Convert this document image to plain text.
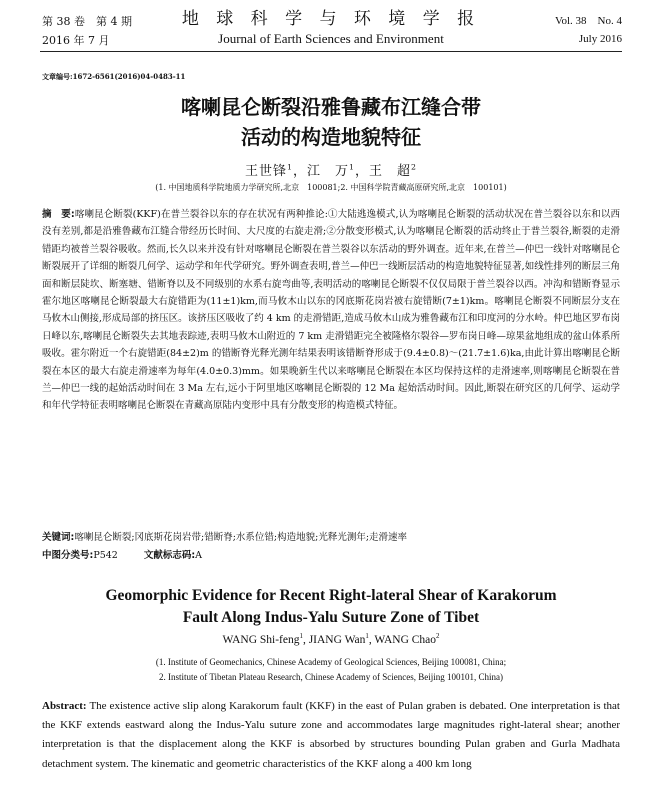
第 38 卷　第 4 期
2016 年 7 月
地 球 科 学 与 环 境 学 报
Journal of Earth Sciences and Environment
Vol. 38　No. 4
July 2016
文章编号:1672-6561(2016)04-0483-11
喀喇昆仑断裂沿雅鲁藏布江缝合带
活动的构造地貌特征
王世锋$^1$，江　万$^1$，王　超$^2$
(1. 中国地质科学院地质力学研究所,北京　100081;2. 中国科学院青藏高原研究所,北京　100101)
摘　要:喀喇昆仑断裂(KKF)在普兰裂谷以东的存在状况有两种推论:①大陆逃逸模式,认为喀喇昆仑断裂的活动状况在普兰裂谷以东和以西没有差别,都是沿雅鲁藏布江缝合带经历长时间、大尺度的右旋走滑;②分散变形模式,认为喀喇昆仑断裂的活动终止于普兰裂谷,断裂的走滑错距均被普兰裂谷吸收。然而,长久以来并没有针对喀喇昆仑断裂在普兰裂谷以东活动的野外调查。近年来,在普兰—仲巴一线针对喀喇昆仑断裂展开了详细的断裂几何学、运动学和年代学研究。野外调查表明,普兰—仲巴一线断层活动的构造地貌特征显著,如线性排列的断层三角面和断层陡坎、断塞塘、错断脊以及不同级别的水系右旋弯曲等,表明活动的喀喇昆仑断裂不仅仅局限于普兰裂谷以西。冲沟和错断脊显示霍尔地区喀喇昆仑断裂最大右旋错距为(11±1)km,而马攸木山以东的冈底斯花岗岩被右旋错断(7±1)km。喀喇昆仑断裂不同断层分支在马攸木山侧接,形成局部的挤压区。该挤压区吸收了约 4 km 的走滑错距,造成马攸木山成为雅鲁藏布江和印度河的分水岭。仲巴地区罗布岗日峰以东,喀喇昆仑断裂失去其地表踪迹,表明马攸木山附近的 7 km 走滑错距完全被隆格尔裂谷—罗布岗日峰—琼果盆地组成的盆山体系所吸收。霍尔附近一个右旋错距(84±2)m 的错断脊光释光测年结果表明该错断脊形成于(9.4±0.8)～(21.7±1.6)ka,由此计算出喀喇昆仑断裂在本区的最大右旋走滑速率为每年(4.0±0.3)mm。如果晚新生代以来喀喇昆仑断裂在本区均保持这样的走滑速率,则喀喇昆仑断裂在普兰—仲巴一线的起始活动时间在 3 Ma 左右,远小于阿里地区喀喇昆仑断裂的 12 Ma 起始活动时间。因此,断裂在研究区的几何学、运动学和年代学特征表明喀喇昆仑断裂在青藏高原陆内变形中具有分散变形的构造模式特征。
关键词:喀喇昆仑断裂;冈底斯花岗岩带;错断脊;水系位错;构造地貌;光释光测年;走滑速率
中图分类号:P542	文献标志码:A
Geomorphic Evidence for Recent Right-lateral Shear of Karakorum
Fault Along Indus-Yalu Suture Zone of Tibet
WANG Shi-feng$^1$, JIANG Wan$^1$, WANG Chao$^2$
(1. Institute of Geomechanics, Chinese Academy of Geological Sciences, Beijing 100081, China;
2. Institute of Tibetan Plateau Research, Chinese Academy of Sciences, Beijing 100101, China)
Abstract: The existence active slip along Karakorum fault (KKF) in the east of Pulan graben is debated. One interpretation is that the KKF extends eastward along the Indus-Yalu suture zone and accommodates large magnitudes right-lateral shear; another interpretation is that the displacement along the KKF is absorbed by structures bounding Pulan graben and Gurla Madhata detachment system. The kinematic and geometric characteristics of the KKF along a 400 km long
